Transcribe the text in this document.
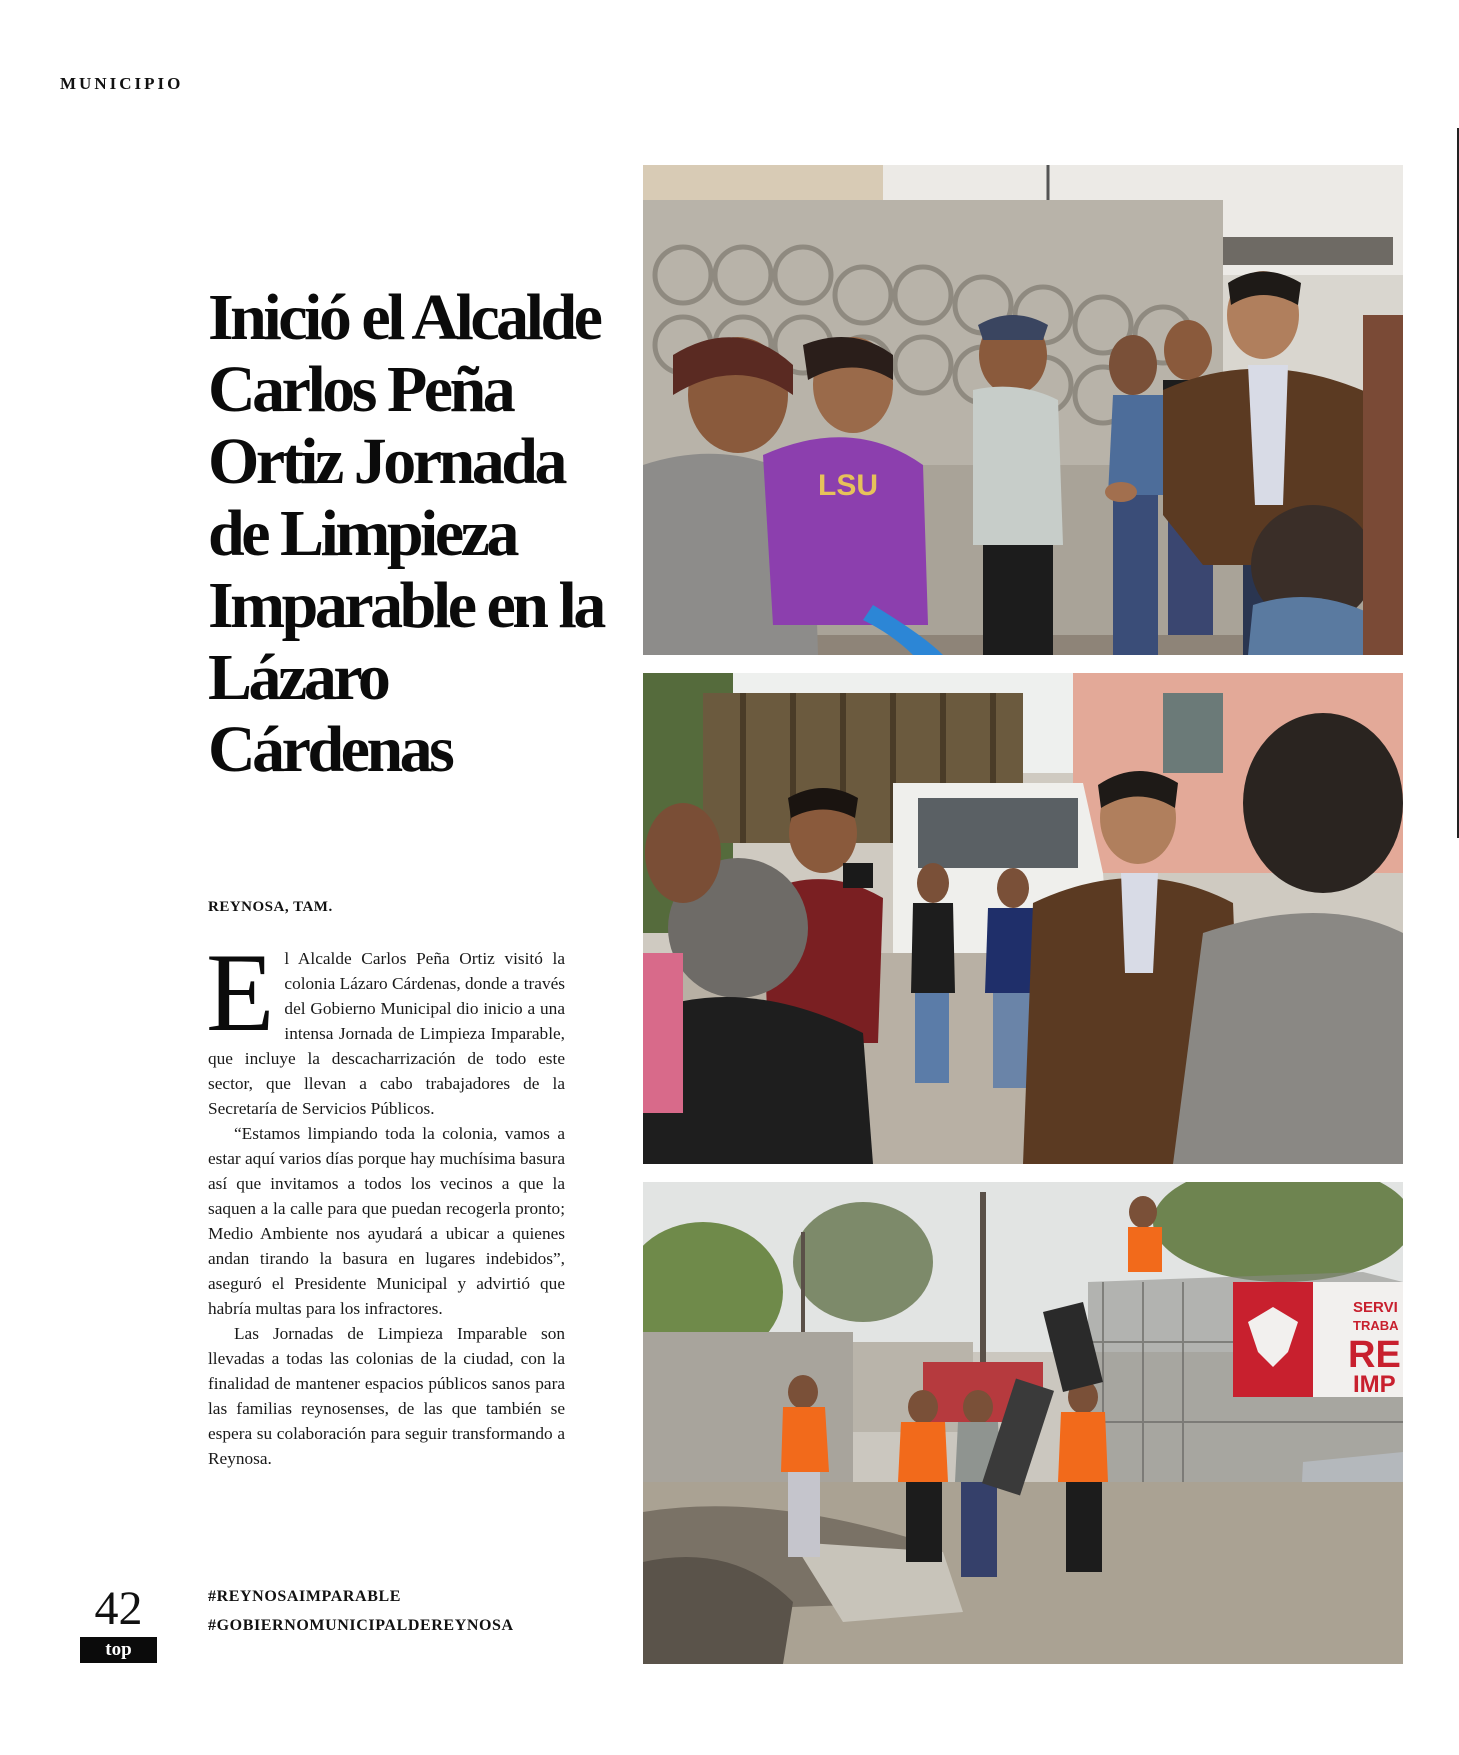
MUNICIPIO
Inició el Alcalde Carlos Peña Ortiz Jornada de Limpieza Imparable en la Lázaro Cárdenas
REYNOSA, TAM.

El Alcalde Carlos Peña Ortiz visitó la colonia Lázaro Cárdenas, donde a través del Gobierno Municipal dio inicio a una intensa Jornada de Limpieza Imparable, que incluye la descacharrización de todo este sector, que llevan a cabo trabajadores de la Secretaría de Servicios Públicos.

“Estamos limpiando toda la colonia, vamos a estar aquí varios días porque hay muchísima basura así que invitamos a todos los vecinos a que la saquen a la calle para que puedan recogerla pronto; Medio Ambiente nos ayudará a ubicar a quienes andan tirando la basura en lugares indebidos”, aseguró el Presidente Municipal y advirtió que habría multas para los infractores.

Las Jornadas de Limpieza Imparable son llevadas a todas las colonias de la ciudad, con la finalidad de mantener espacios públicos sanos para las familias reynosenses, de las que también se espera su colaboración para seguir transformando a Reynosa.

#REYNOSAIMPARABLE
#GOBIERNOMUNICIPALDEREYNOSA
42
top
LSU
SERVI
TRABA
RE
IMP
